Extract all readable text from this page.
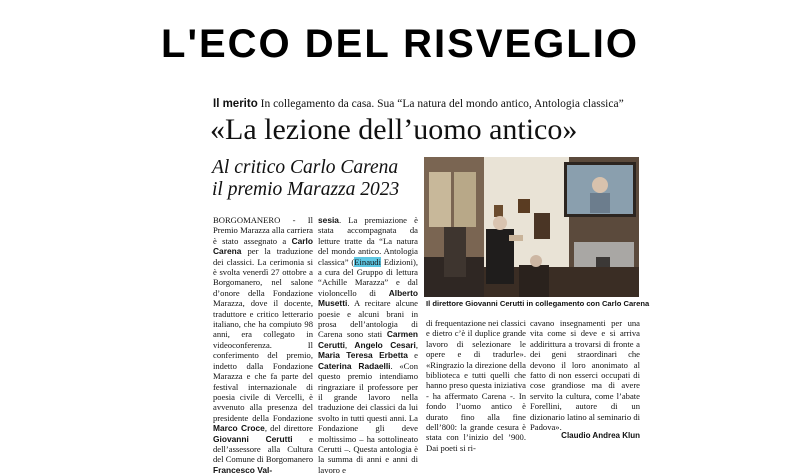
L'ECO DEL RISVEGLIO
Il merito In collegamento da casa. Sua “La natura del mondo antico, Antologia classica”
«La lezione dell’uomo antico»
Al critico Carlo Carena
il premio Marazza 2023
BORGOMANERO - Il Premio Marazza alla carriera è stato assegnato a Carlo Carena per la traduzione dei classici. La cerimonia si è svolta venerdì 27 ottobre a Borgomanero, nel salone d’onore della Fondazione Marazza, dove il docente, traduttore e critico letterario italiano, che ha compiuto 98 anni, era collegato in videoconferenza. Il conferimento del premio, indetto dalla Fondazione Marazza e che fa parte del festival internazionale di poesia civile di Vercelli, è avvenuto alla presenza del presidente della Fondazione Marco Croce, del direttore Giovanni Cerutti e dell’assessore alla Cultura del Comune di Borgomanero Francesco Val-
sesia. La premiazione è stata accompagnata da letture tratte da “La natura del mondo antico. Antologia classica” (Einaudi Edizioni), a cura del Gruppo di lettura “Achille Marazza” e dal violoncello di Alberto Musetti. A recitare alcune poesie e alcuni brani in prosa dell’antologia di Carena sono stati Carmen Cerutti, Angelo Cesari, Maria Teresa Erbetta e Caterina Radaelli. «Con questo premio intendiamo ringraziare il professore per il grande lavoro nella traduzione dei classici da lui svolto in tutti questi anni. La Fondazione gli deve moltissimo – ha sottolineato Cerutti –. Questa antologia è la summa di anni e anni di lavoro e
di frequentazione nei classici e dietro c’è il duplice grande lavoro di selezionare le opere e di tradurle». «Ringrazio la direzione della biblioteca e tutti quelli che hanno preso questa iniziativa - ha affermato Carena -. In fondo l’uomo antico è durato fino alla fine dell’800: la grande cesura è stata con l’inizio del ’900. Dai poeti si ri-
cavano insegnamenti per una vita come si deve e si arriva addirittura a trovarsi di fronte a dei geni straordinari che devono il loro anonimato al fatto di non esserci occupati di cose grandiose ma di avere servito la cultura, come l’abate Forellini, autore di un dizionario latino al seminario di Padova».
Il direttore Giovanni Cerutti in collegamento con Carlo Carena
Claudio Andrea Klun
